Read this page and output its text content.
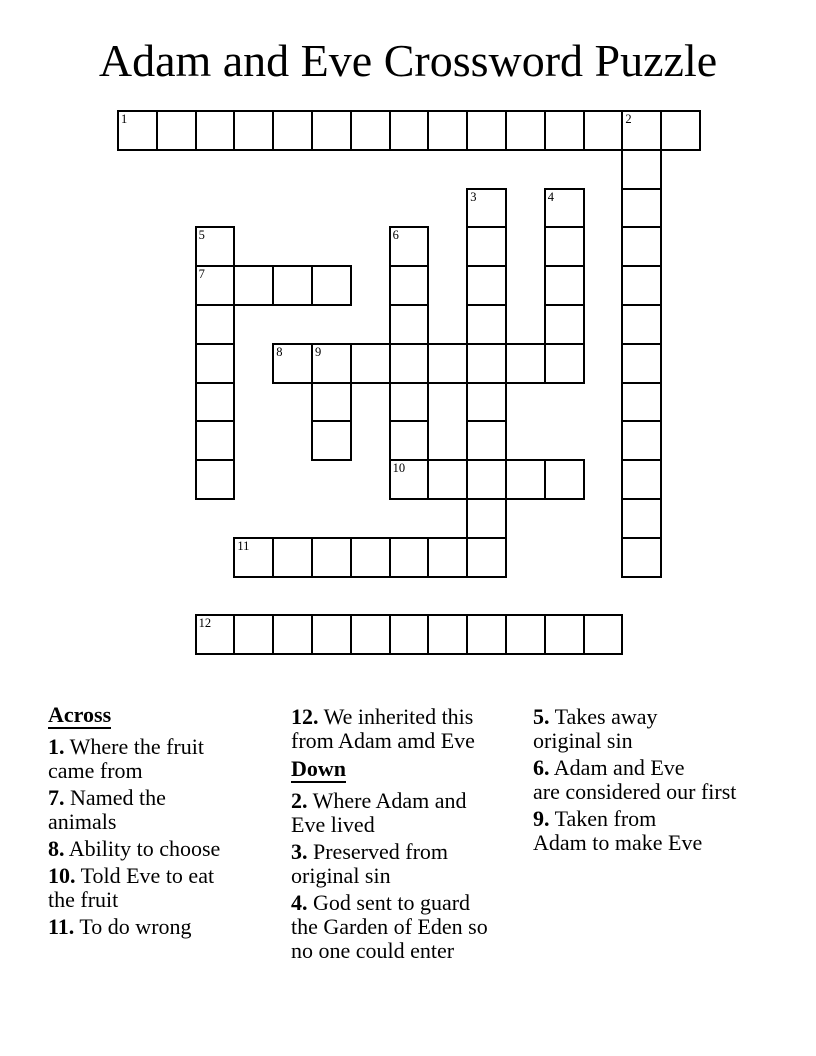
Adam and Eve Crossword Puzzle
1	2
3	4
5	6
7
8	9
10
11
12
Across
1. Where the fruit
came from
7. Named the
animals
8. Ability to choose
10. Told Eve to eat
the fruit
11. To do wrong
12. We inherited this
from Adam amd Eve
Down
2. Where Adam and
Eve lived
3. Preserved from
original sin
4. God sent to guard
the Garden of Eden so
no one could enter
5. Takes away
original sin
6. Adam and Eve
are considered our first
9. Taken from
Adam to make Eve
